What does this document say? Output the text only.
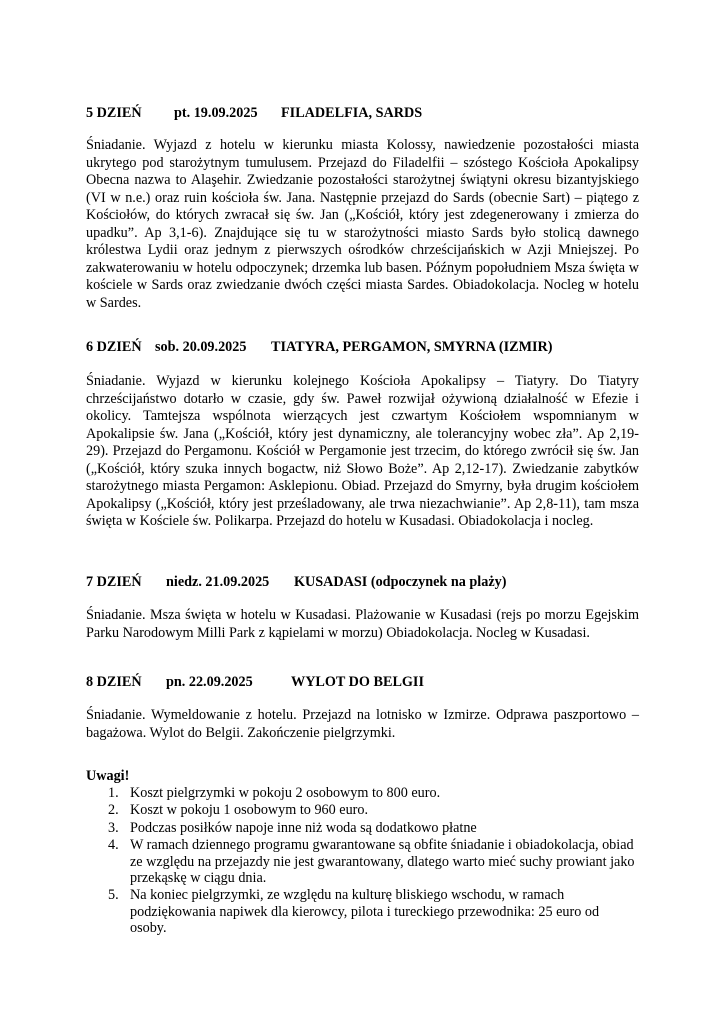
5 DZIEŃ pt. 19.09.2025 FILADELFIA, SARDS

Śniadanie. Wyjazd z hotelu w kierunku miasta Kolossy, nawiedzenie pozostałości miasta ukrytego pod starożytnym tumulusem. Przejazd do Filadelfii – szóstego Kościoła Apokalipsy Obecna nazwa to Alaşehir. Zwiedzanie pozostałości starożytnej świątyni okresu bizantyjskiego (VI w n.e.) oraz ruin kościoła św. Jana. Następnie przejazd do Sards (obecnie Sart) – piątego z Kościołów, do których zwracał się św. Jan („Kościół, który jest zdegenerowany i zmierza do upadku”. Ap 3,1-6). Znajdujące się tu w starożytności miasto Sards było stolicą dawnego królestwa Lydii oraz jednym z pierwszych ośrodków chrześcijańskich w Azji Mniejszej. Po zakwaterowaniu w hotelu odpoczynek; drzemka lub basen. Późnym popołudniem Msza święta w kościele w Sards oraz zwiedzanie dwóch części miasta Sardes. Obiadokolacja. Nocleg w hotelu w Sardes.

6 DZIEŃ sob. 20.09.2025 TIATYRA, PERGAMON, SMYRNA (IZMIR)

Śniadanie. Wyjazd w kierunku kolejnego Kościoła Apokalipsy – Tiatyry. Do Tiatyry chrześcijaństwo dotarło w czasie, gdy św. Paweł rozwijał ożywioną działalność w Efezie i okolicy. Tamtejsza wspólnota wierzących jest czwartym Kościołem wspomnianym w Apokalipsie św. Jana („Kościół, który jest dynamiczny, ale tolerancyjny wobec zła”. Ap 2,19-29). Przejazd do Pergamonu. Kościół w Pergamonie jest trzecim, do którego zwrócił się św. Jan („Kościół, który szuka innych bogactw, niż Słowo Boże”. Ap 2,12-17). Zwiedzanie zabytków starożytnego miasta Pergamon: Asklepionu. Obiad. Przejazd do Smyrny, była drugim kościołem Apokalipsy („Kościół, który jest prześladowany, ale trwa niezachwianie”. Ap 2,8-11), tam msza święta w Kościele św. Polikarpa. Przejazd do hotelu w Kusadasi. Obiadokolacja i nocleg.

7 DZIEŃ niedz. 21.09.2025 KUSADASI (odpoczynek na plaży)

Śniadanie. Msza święta w hotelu w Kusadasi. Plażowanie w Kusadasi (rejs po morzu Egejskim Parku Narodowym Milli Park z kąpielami w morzu) Obiadokolacja. Nocleg w Kusadasi.

8 DZIEŃ pn. 22.09.2025	WYLOT DO BELGII

Śniadanie. Wymeldowanie z hotelu. Przejazd na lotnisko w Izmirze. Odprawa paszportowo – bagażowa. Wylot do Belgii. Zakończenie pielgrzymki.

Uwagi!
1. Koszt pielgrzymki w pokoju 2 osobowym to 800 euro.
2. Koszt w pokoju 1 osobowym to 960 euro.
3. Podczas posiłków napoje inne niż woda są dodatkowo płatne
4. W ramach dziennego programu gwarantowane są obfite śniadanie i obiadokolacja, obiad ze względu na przejazdy nie jest gwarantowany, dlatego warto mieć suchy prowiant jako przekąskę w ciągu dnia.
5. Na koniec pielgrzymki, ze względu na kulturę bliskiego wschodu, w ramach podziękowania napiwek dla kierowcy, pilota i tureckiego przewodnika: 25 euro od osoby.
